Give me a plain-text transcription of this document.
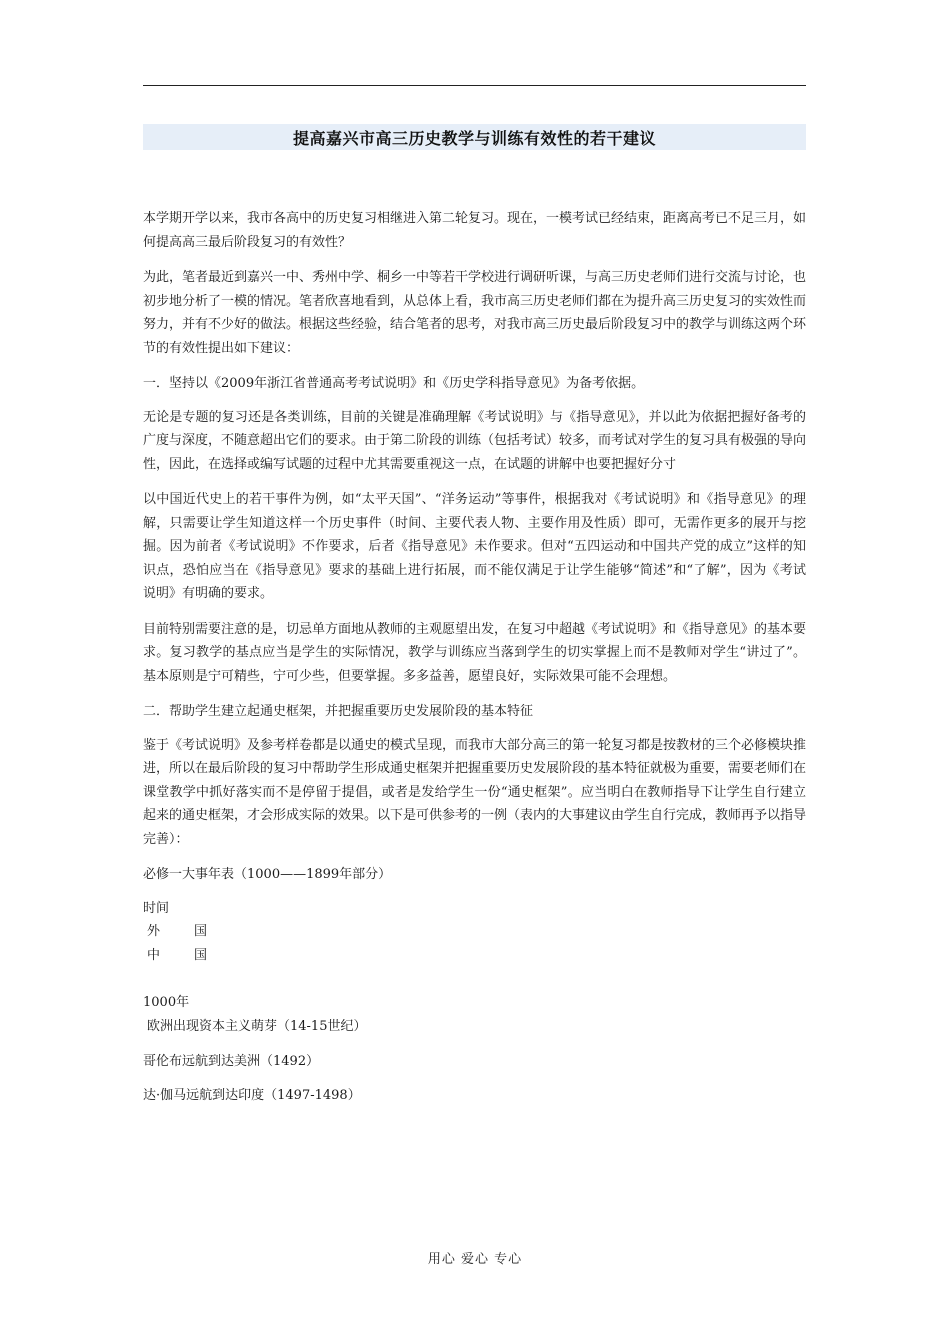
提高嘉兴市高三历史教学与训练有效性的若干建议

本学期开学以来，我市各高中的历史复习相继进入第二轮复习。现在，一模考试已经结束，距离高考已不足三月，如何提高高三最后阶段复习的有效性？

为此，笔者最近到嘉兴一中、秀州中学、桐乡一中等若干学校进行调研听课，与高三历史老师们进行交流与讨论，也初步地分析了一模的情况。笔者欣喜地看到，从总体上看，我市高三历史老师们都在为提升高三历史复习的实效性而努力，并有不少好的做法。根据这些经验，结合笔者的思考，对我市高三历史最后阶段复习中的教学与训练这两个环节的有效性提出如下建议：

一．坚持以《2009年浙江省普通高考考试说明》和《历史学科指导意见》为备考依据。

无论是专题的复习还是各类训练，目前的关键是准确理解《考试说明》与《指导意见》，并以此为依据把握好备考的广度与深度，不随意超出它们的要求。由于第二阶段的训练（包括考试）较多，而考试对学生的复习具有极强的导向性，因此，在选择或编写试题的过程中尤其需要重视这一点，在试题的讲解中也要把握好分寸

以中国近代史上的若干事件为例，如“太平天国”、“洋务运动”等事件，根据我对《考试说明》和《指导意见》的理解，只需要让学生知道这样一个历史事件（时间、主要代表人物、主要作用及性质）即可，无需作更多的展开与挖掘。因为前者《考试说明》不作要求，后者《指导意见》未作要求。但对“五四运动和中国共产党的成立”这样的知识点，恐怕应当在《指导意见》要求的基础上进行拓展，而不能仅满足于让学生能够“简述”和“了解”，因为《考试说明》有明确的要求。

目前特别需要注意的是，切忌单方面地从教师的主观愿望出发，在复习中超越《考试说明》和《指导意见》的基本要求。复习教学的基点应当是学生的实际情况，教学与训练应当落到学生的切实掌握上而不是教师对学生“讲过了”。基本原则是宁可精些，宁可少些，但要掌握。多多益善，愿望良好，实际效果可能不会理想。

二．帮助学生建立起通史框架，并把握重要历史发展阶段的基本特征

鉴于《考试说明》及参考样卷都是以通史的模式呈现，而我市大部分高三的第一轮复习都是按教材的三个必修模块推进，所以在最后阶段的复习中帮助学生形成通史框架并把握重要历史发展阶段的基本特征就极为重要，需要老师们在课堂教学中抓好落实而不是停留于提倡，或者是发给学生一份“通史框架”。应当明白在教师指导下让学生自行建立起来的通史框架，才会形成实际的效果。以下是可供参考的一例（表内的大事建议由学生自行完成，教师再予以指导完善）：

必修一大事年表（1000——1899年部分）

时间
外	国
中	国
1000年
欧洲出现资本主义萌芽（14-15世纪）

哥伦布远航到达美洲（1492）

达·伽马远航到达印度（1497-1498）

用心 爱心 专心
